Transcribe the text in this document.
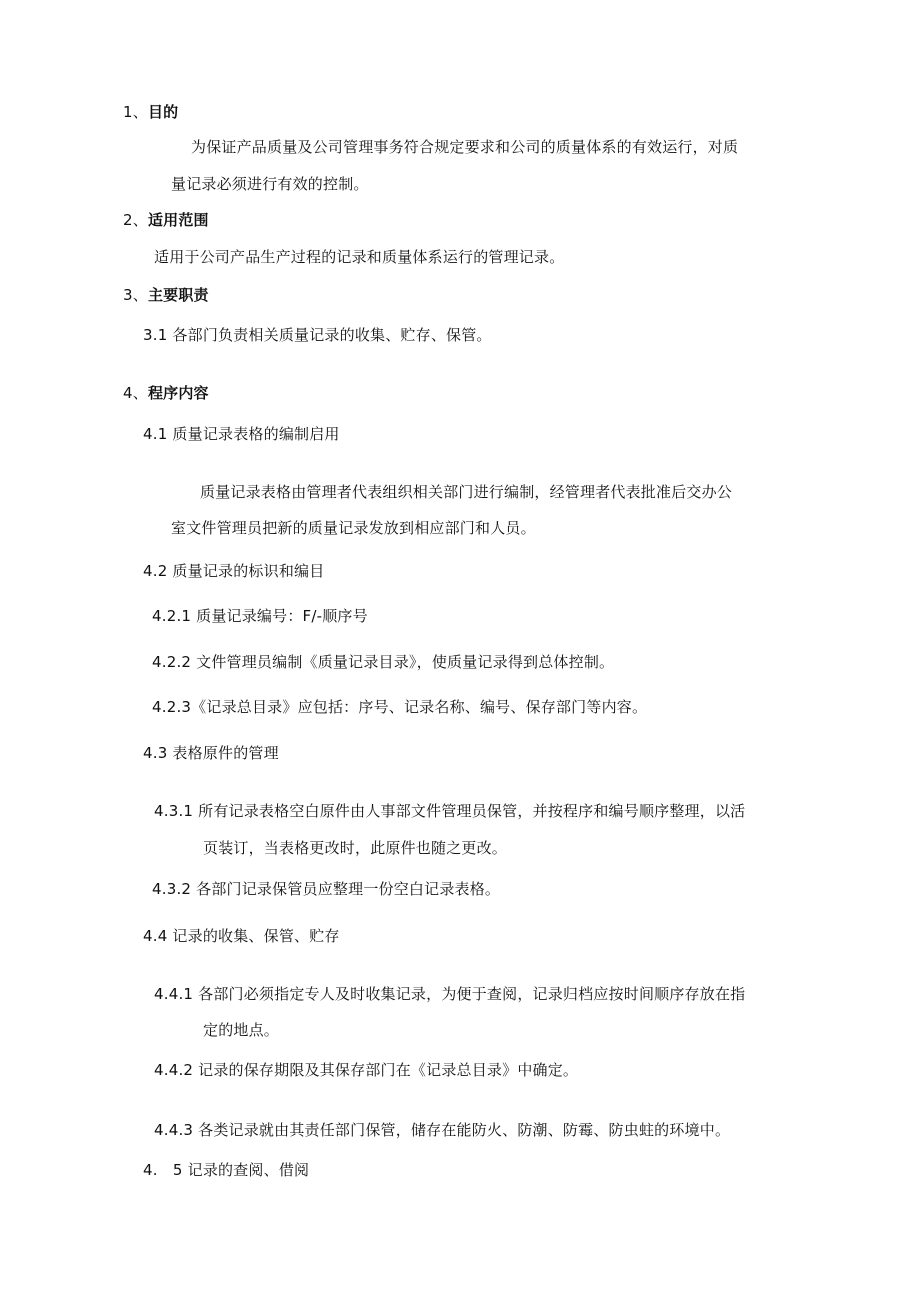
1、目的
为保证产品质量及公司管理事务符合规定要求和公司的质量体系的有效运行，对质
量记录必须进行有效的控制。
2、适用范围
适用于公司产品生产过程的记录和质量体系运行的管理记录。
3、主要职责
3.1 各部门负责相关质量记录的收集、贮存、保管。
4、程序内容
4.1 质量记录表格的编制启用
质量记录表格由管理者代表组织相关部门进行编制，经管理者代表批准后交办公
室文件管理员把新的质量记录发放到相应部门和人员。
4.2 质量记录的标识和编目
4.2.1 质量记录编号：F/-顺序号
4.2.2 文件管理员编制《质量记录目录》，使质量记录得到总体控制。
4.2.3《记录总目录》应包括：序号、记录名称、编号、保存部门等内容。
4.3 表格原件的管理
4.3.1 所有记录表格空白原件由人事部文件管理员保管，并按程序和编号顺序整理，以活
页装订，当表格更改时，此原件也随之更改。
4.3.2 各部门记录保管员应整理一份空白记录表格。
4.4 记录的收集、保管、贮存
4.4.1 各部门必须指定专人及时收集记录，为便于查阅，记录归档应按时间顺序存放在指
定的地点。
4.4.2 记录的保存期限及其保存部门在《记录总目录》中确定。
4.4.3 各类记录就由其责任部门保管，储存在能防火、防潮、防霉、防虫蛀的环境中。
4.　5 记录的查阅、借阅
